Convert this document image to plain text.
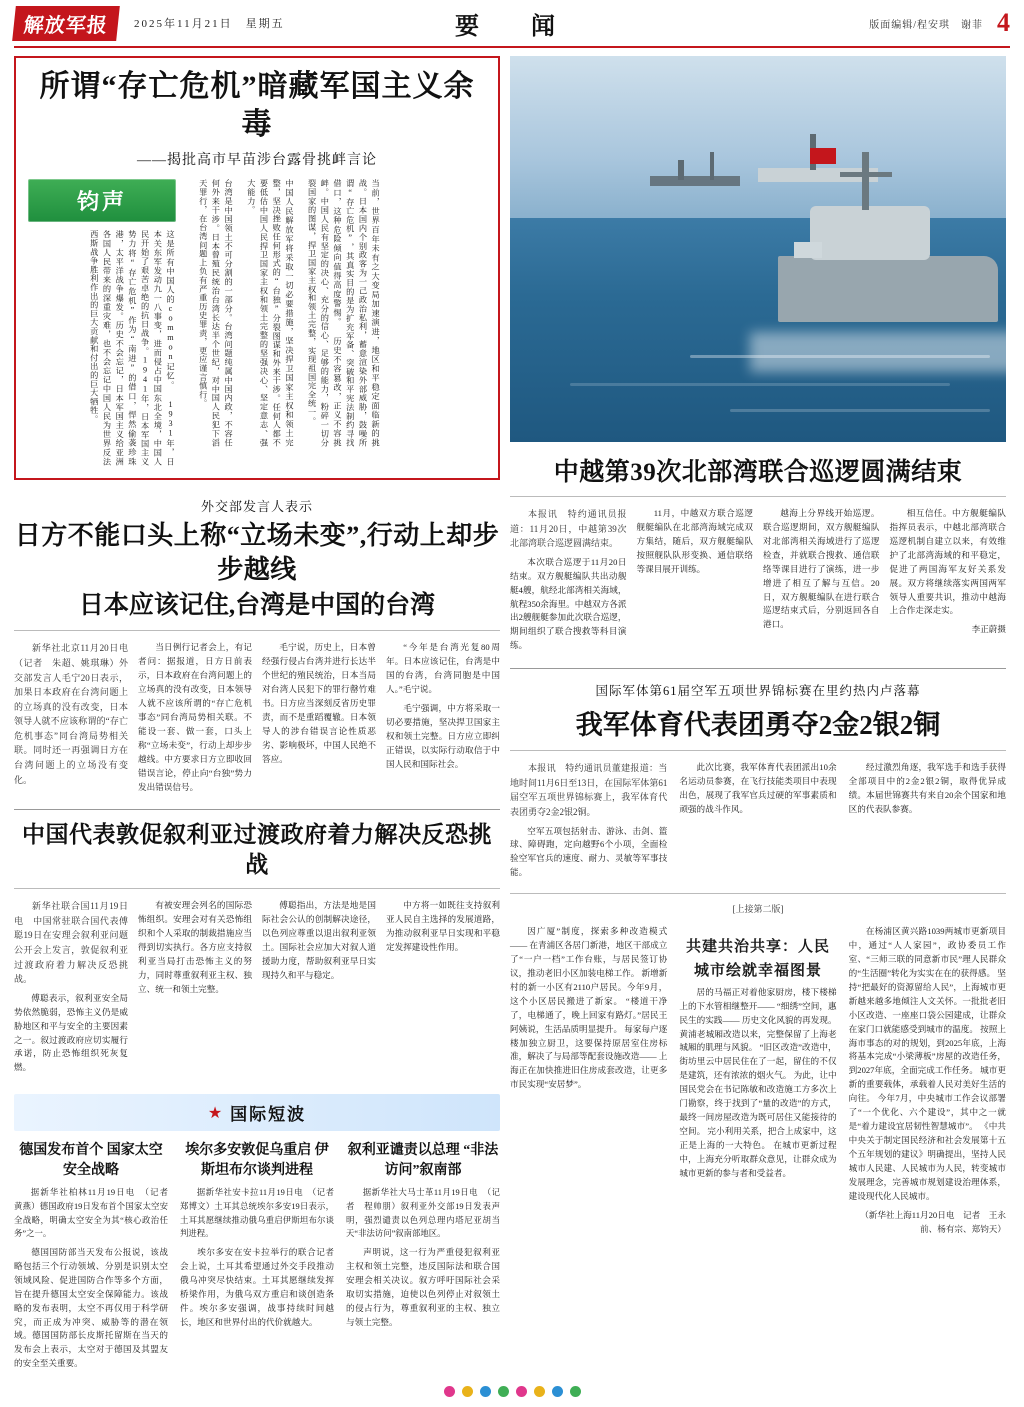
解放军报	2025年11月21日　星期五	要　闻	版面编辑/程安琪　谢菲 4
所谓“存亡危机”暗藏军国主义余毒
——揭批高市早苗涉台露骨挑衅言论
钧声
这是所有中国人的common记忆。 1931年，日本关东军发动九一八事变，进而侵占中国东北全境，中国人民开始了艰苦卓绝的抗日战争。1941年，日本军国主义势力将“存亡危机”作为“南进”的借口，悍然偷袭珍珠港，太平洋战争爆发。历史不会忘记，日本军国主义给亚洲各国人民带来的深重灾难，也不会忘记中国人民为世界反法西斯战争胜利作出的巨大贡献和付出的巨大牺牲。	台湾是中国领土不可分割的一部分。台湾问题纯属中国内政，不容任何外来干涉。日本曾殖民统治台湾长达半个世纪，对中国人民犯下滔天罪行，在台湾问题上负有严重历史罪责，更应谨言慎行。	中国人民解放军将采取一切必要措施，坚决捍卫国家主权和领土完整，坚决挫败任何形式的“台独”分裂图谋和外来干涉。任何人都不要低估中国人民捍卫国家主权和领土完整的坚强决心、坚定意志、强大能力。	当前，世界百年未有之大变局加速演进，地区和平稳定面临新的挑战。日本国内个别政客为一己政治私利，蓄意渲染外部威胁，鼓噪所谓“存亡危机”，其真实目的是为扩充军备、突破和平宪法制约寻找借口，这种危险倾向值得高度警惕。 历史不容篡改，正义不容挑衅。中国人民有坚定的决心、充分的信心、足够的能力，粉碎一切分裂国家的图谋，捍卫国家主权和领土完整，实现祖国完全统一。
外交部发言人表示
日方不能口头上称“立场未变”,行动上却步步越线
日本应该记住,台湾是中国的台湾

新华社北京11月20日电　（记者　朱超、姚琪琳）外交部发言人毛宁20日表示，加果日本政府在台湾问题上的立场真的没有改变，日本领导人就不应该称谓的“存亡危机事态”同台湾局势相关联。同时还一再强调日方在台湾问题上的立场没有变化。

当日例行记者会上，有记者问：据报道，日方日前表示，日本政府在台湾问题上的立场真的没有改变，日本领导人就不应该所谓的“存亡危机事态”同台湾局势相关联。不能设一套、做一套，口头上称“立场未变”，行动上却步步越线。中方要求日方立即收回错误言论，停止向“台独”势力发出错误信号。

毛宁说，历史上，日本曾经强行侵占台湾并进行长达半个世纪的殖民统治，日本当局对台湾人民犯下的罪行罄竹难书。日方应当深刻反省历史罪责，而不是重蹈覆辙。日本领导人的涉台错误言论性质恶劣、影响极坏，中国人民绝不答应。

“今年是台湾光复80周年。日本应该记住，台湾是中国的台湾，台湾同胞是中国人。”毛宁说。

毛宁强调，中方将采取一切必要措施，坚决捍卫国家主权和领土完整。日方应立即纠正错误，以实际行动取信于中国人民和国际社会。

中国代表敦促叙利亚过渡政府着力解决反恐挑战

新华社联合国11月19日电　中国常驻联合国代表傅聪19日在安理会叙利亚问题公开会上发言，敦促叙利亚过渡政府着力解决反恐挑战。

傅聪表示，叙利亚安全局势依然脆弱，恐怖主义仍是威胁地区和平与安全的主要因素之一。叙过渡政府应切实履行承诺，防止恐怖组织死灰复燃。

有被安理会列名的国际恐怖组织。安理会对有关恐怖组织和个人采取的制裁措施应当得到切实执行。各方应支持叙利亚当局打击恐怖主义的努力，同时尊重叙利亚主权、独立、统一和领土完整。

傅聪指出，方法是地是国际社会公认的创制解决途径，以色列应尊重以退出叙利亚领土。国际社会应加大对叙人道援助力度，帮助叙利亚早日实现持久和平与稳定。

中方将一如既往支持叙利亚人民自主选择的发展道路，为推动叙利亚早日实现和平稳定发挥建设性作用。

★ 国际短波
德国发布首个 国家太空安全战略

据新华社柏林11月19日电　（记者　黄燕）德国政府19日发布首个国家太空安全战略，明确太空安全为其“核心政治任务”之一。

德国国防部当天发布公报说，该战略包括三个行动领域、分别是识别太空领域风险、促进国防合作等多个方面，旨在提升德国太空安全保障能力。该战略的发布表明，太空不再仅用于科学研究，而正成为冲突、威胁等的潜在领域。德国国防部长皮斯托留斯在当天的发布会上表示，太空对于德国及其盟友的安全至关重要。

埃尔多安敦促乌重启 伊斯坦布尔谈判进程

据新华社安卡拉11月19日电　（记者　郑博文）土耳其总统埃尔多安19日表示，土耳其愿继续推动俄乌重启伊斯坦布尔谈判进程。

埃尔多安在安卡拉举行的联合记者会上说，土耳其希望通过外交手段推动俄乌冲突尽快结束。土耳其愿继续发挥桥梁作用，为俄乌双方重启和谈创造条件。埃尔多安强调，战事持续时间越长，地区和世界付出的代价就越大。

叙利亚谴责以总理 “非法访问”叙南部

据新华社大马士革11月19日电　（记者　程帅朋）叙利亚外交部19日发表声明，强烈谴责以色列总理内塔尼亚胡当天“非法访问”叙南部地区。

声明说，这一行为严重侵犯叙利亚主权和领土完整，违反国际法和联合国安理会相关决议。叙方呼吁国际社会采取切实措施，迫使以色列停止对叙领土的侵占行为，尊重叙利亚的主权、独立与领土完整。

中越第39次北部湾联合巡逻圆满结束

本报讯　特约通讯员报道：11月20日，中越第39次北部湾联合巡逻圆满结束。

本次联合巡逻于11月20日结束。双方舰艇编队共出动舰艇4艘，航经北部湾相关海域，航程350余海里。中越双方各派出2艘舰艇参加此次联合巡逻，期间组织了联合搜救等科目演练。

11月，中越双方联合巡逻舰艇编队在北部湾海域完成双方集结，随后，双方舰艇编队按照舰队队形变换、通信联络等课目展开训练。

越海上分界线开始巡逻。联合巡逻期间，双方舰艇编队对北部湾相关海域进行了巡逻检查，并就联合搜救、通信联络等课目进行了演练，进一步增进了相互了解与互信。20日，双方舰艇编队在进行联合巡逻结束式后，分别返回各自港口。

相互信任。中方舰艇编队指挥员表示，中越北部湾联合巡逻机制自建立以来，有效维护了北部湾海域的和平稳定，促进了两国海军友好关系发展。双方将继续落实两国两军领导人重要共识，推动中越海上合作走深走实。

李正蔚摄
国际军体第61届空军五项世界锦标赛在里约热内卢落幕
我军体育代表团勇夺2金2银2铜

本报讯　特约通讯员董建报道：当地时间11月6日至13日，在国际军体第61届空军五项世界锦标赛上，我军体育代表团勇夺2金2银2铜。

空军五项包括射击、游泳、击剑、篮球、障碍跑，定向越野6个小项，全面检验空军官兵的速度、耐力、灵敏等军事技能。

此次比赛，我军体育代表团派出10余名运动员参赛，在飞行技能类项目中表现出色，展现了我军官兵过硬的军事素质和顽强的战斗作风。

经过激烈角逐，我军选手和选手获得全部项目中的2金2银2铜，取得优异成绩。本届世锦赛共有来自20余个国家和地区的代表队参赛。

[上接第二版]

因广厦”制度，探索多种改造模式—— 在青浦区各居门新港，地区干部成立了“一户一档”工作台账，与居民签订协议，推动老旧小区加装电梯工作。 新增新村的新一小区有2110户居民。今年9月，这个小区居民搬进了新家。 “楼道干净了，电梯通了，晚上回家有路灯。”居民王阿姨说，生活品质明显提升。 每家每户逐楼加独立厨卫，这要保持原居室住房标准，解决了与局部等配套设施改造—— 上海正在加快推进旧住房成套改造，让更多市民实现“安居梦”。

共建共治共享：人民 城市绘就幸福图景

居的马福正对着他家厨房，楼下楼梯上的下水管相继整开—— “细绣”空间，惠民生的实践—— 历史文化风貌的再发现。黄浦老城厢改造以来，完整保留了上海老城厢的肌理与风貌。 “旧区改造”改造中，街坊里云中居民住在了一起，留住的不仅是建筑，还有浓浓的烟火气。 为此，让中国民党会在书记陈敏和改造施工方多次上门勘察，终于找到了“量的改造”的方式，最终一间房屋改造为既可居住又能接待的空间。 完小利用关系，把合上成家中，这正是上海的一大特色。 在城市更新过程中，上海充分听取群众意见，让群众成为城市更新的参与者和受益者。

在杨浦区黄兴路1039两城市更新项目中，通过“人人家园”，政协委员工作室、“三师三联的同意新市民”理人民群众的“生活圈”转化为实实在在的获得感。 坚持“把最好的资源留给人民”，上海城市更新越来越多地倾注人文关怀。一批批老旧小区改造、一座座口袋公园建成，让群众在家门口就能感受到城市的温度。 按照上海市事态的对的规划，到2025年底，上海将基本完成“小梁薄板”房屋的改造任务，到2027年底，全面完成工作任务。 城市更新的重要载体，承载着人民对美好生活的向往。 今年7月，中央城市工作会议部署了“一个优化、六个建设”，其中之一就是“着力建设宜居韧性智慧城市”。 《中共中央关于制定国民经济和社会发展第十五个五年规划的建议》明确提出，坚持人民城市人民建、人民城市为人民，转变城市发展理念，完善城市规划建设治理体系，建设现代化人民城市。

（新华社上海11月20日电　记者　王永前、杨有宗、郑钧天）
